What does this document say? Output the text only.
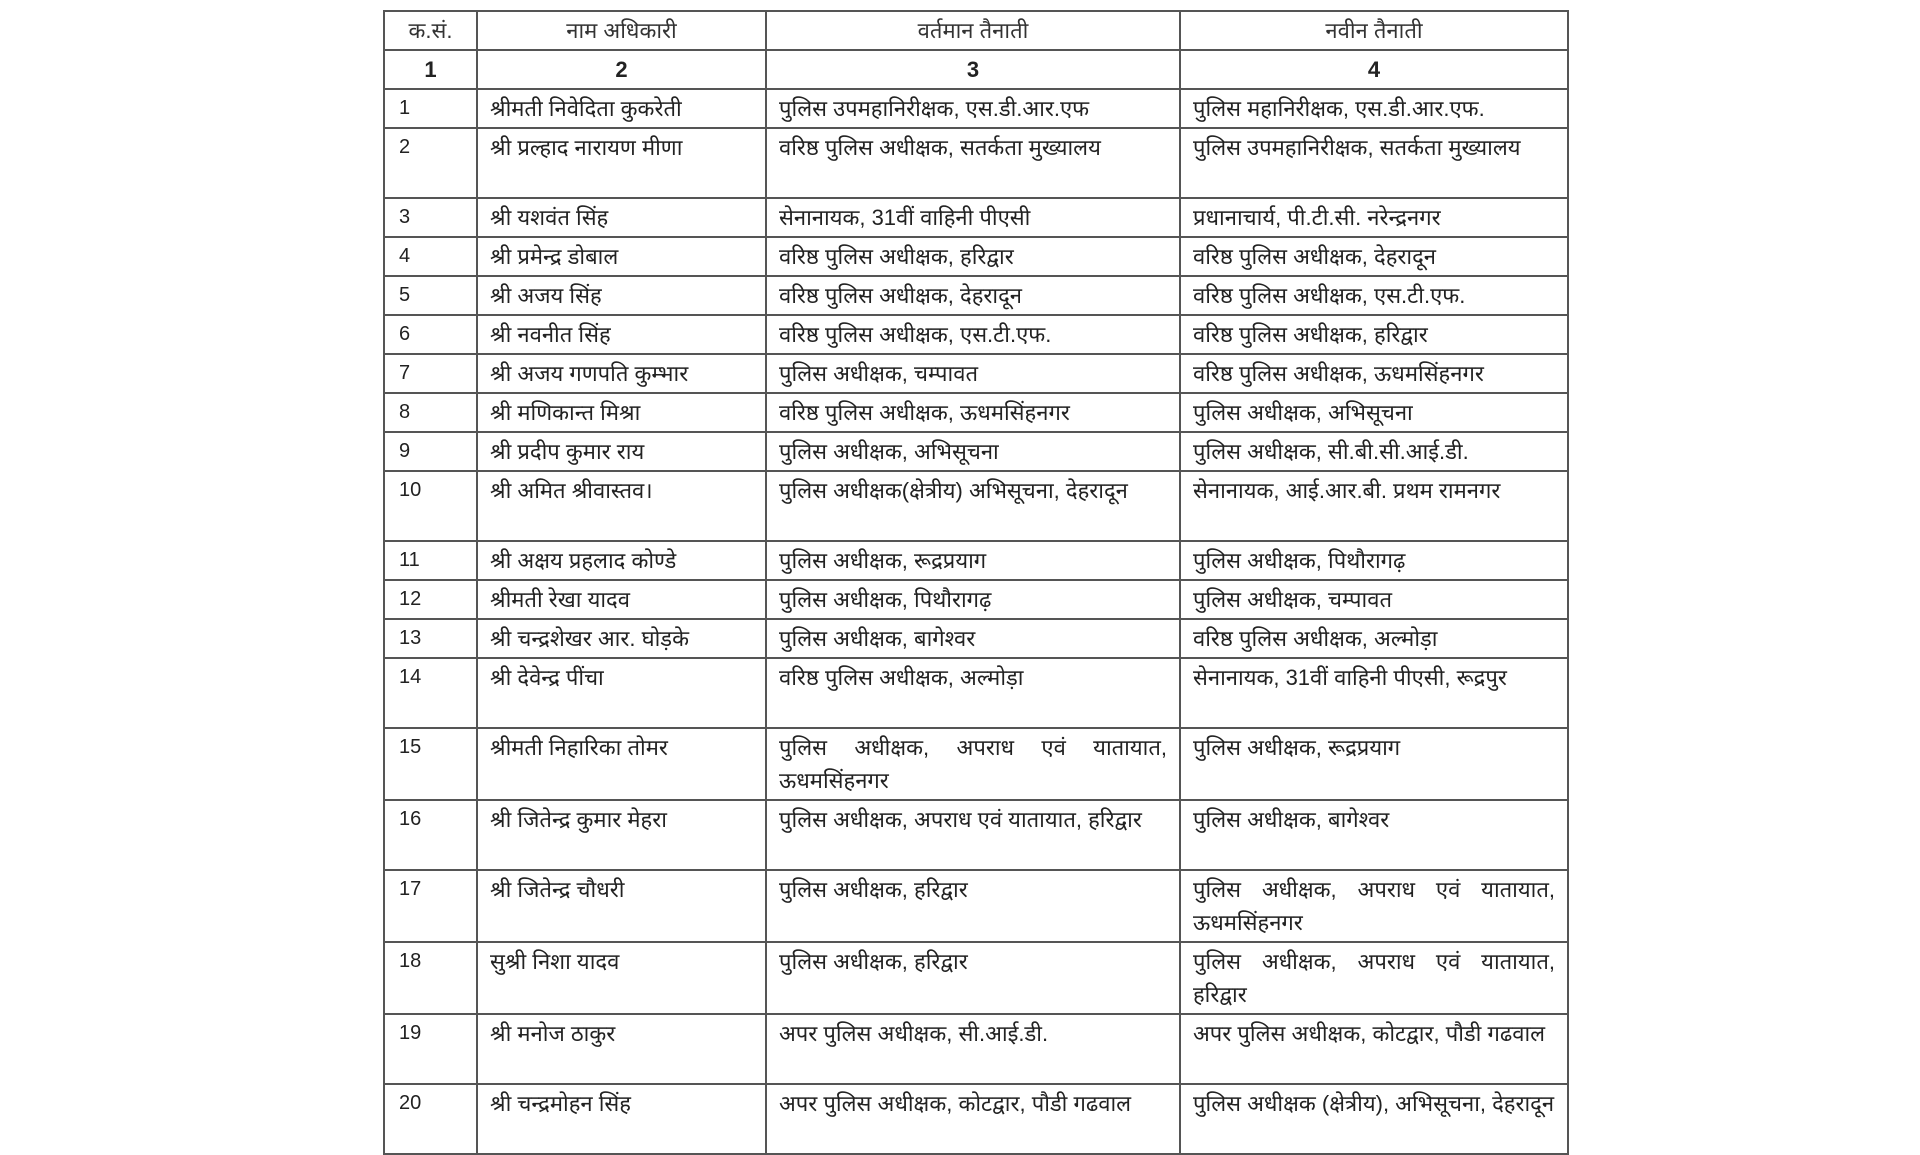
क.सं.	नाम अधिकारी	वर्तमान तैनाती	नवीन तैनाती
1	2	3	4
1	श्रीमती निवेदिता कुकरेती	पुलिस उपमहानिरीक्षक, एस.डी.आर.एफ	पुलिस महानिरीक्षक, एस.डी.आर.एफ.
2	श्री प्रल्हाद नारायण मीणा	वरिष्ठ पुलिस अधीक्षक, सतर्कता मुख्यालय	पुलिस उपमहानिरीक्षक, सतर्कता मुख्यालय
3	श्री यशवंत सिंह	सेनानायक, 31वीं वाहिनी पीएसी	प्रधानाचार्य, पी.टी.सी. नरेन्द्रनगर
4	श्री प्रमेन्द्र डोबाल	वरिष्ठ पुलिस अधीक्षक, हरिद्वार	वरिष्ठ पुलिस अधीक्षक, देहरादून
5	श्री अजय सिंह	वरिष्ठ पुलिस अधीक्षक, देहरादून	वरिष्ठ पुलिस अधीक्षक, एस.टी.एफ.
6	श्री नवनीत सिंह	वरिष्ठ पुलिस अधीक्षक, एस.टी.एफ.	वरिष्ठ पुलिस अधीक्षक, हरिद्वार
7	श्री अजय गणपति कुम्भार	पुलिस अधीक्षक, चम्पावत	वरिष्ठ पुलिस अधीक्षक, ऊधमसिंहनगर
8	श्री मणिकान्त मिश्रा	वरिष्ठ पुलिस अधीक्षक, ऊधमसिंहनगर	पुलिस अधीक्षक, अभिसूचना
9	श्री प्रदीप कुमार राय	पुलिस अधीक्षक, अभिसूचना	पुलिस अधीक्षक, सी.बी.सी.आई.डी.
10	श्री अमित श्रीवास्तव।	पुलिस अधीक्षक(क्षेत्रीय) अभिसूचना, देहरादून	सेनानायक, आई.आर.बी. प्रथम रामनगर
11	श्री अक्षय प्रहलाद कोण्डे	पुलिस अधीक्षक, रूद्रप्रयाग	पुलिस अधीक्षक, पिथौरागढ़
12	श्रीमती रेखा यादव	पुलिस अधीक्षक, पिथौरागढ़	पुलिस अधीक्षक, चम्पावत
13	श्री चन्द्रशेखर आर. घोड़के	पुलिस अधीक्षक, बागेश्वर	वरिष्ठ पुलिस अधीक्षक, अल्मोड़ा
14	श्री देवेन्द्र पींचा	वरिष्ठ पुलिस अधीक्षक, अल्मोड़ा	सेनानायक, 31वीं वाहिनी पीएसी, रूद्रपुर
15	श्रीमती निहारिका तोमर	पुलिस अधीक्षक, अपराध एवं यातायात, ऊधमसिंहनगर	पुलिस अधीक्षक, रूद्रप्रयाग
16	श्री जितेन्द्र कुमार मेहरा	पुलिस अधीक्षक, अपराध एवं यातायात, हरिद्वार	पुलिस अधीक्षक, बागेश्वर
17	श्री जितेन्द्र चौधरी	पुलिस अधीक्षक, हरिद्वार	पुलिस अधीक्षक, अपराध एवं यातायात, ऊधमसिंहनगर
18	सुश्री निशा यादव	पुलिस अधीक्षक, हरिद्वार	पुलिस अधीक्षक, अपराध एवं यातायात, हरिद्वार
19	श्री मनोज ठाकुर	अपर पुलिस अधीक्षक, सी.आई.डी.	अपर पुलिस अधीक्षक, कोटद्वार, पौडी गढवाल
20	श्री चन्द्रमोहन सिंह	अपर पुलिस अधीक्षक, कोटद्वार, पौडी गढवाल	पुलिस अधीक्षक (क्षेत्रीय), अभिसूचना, देहरादून
